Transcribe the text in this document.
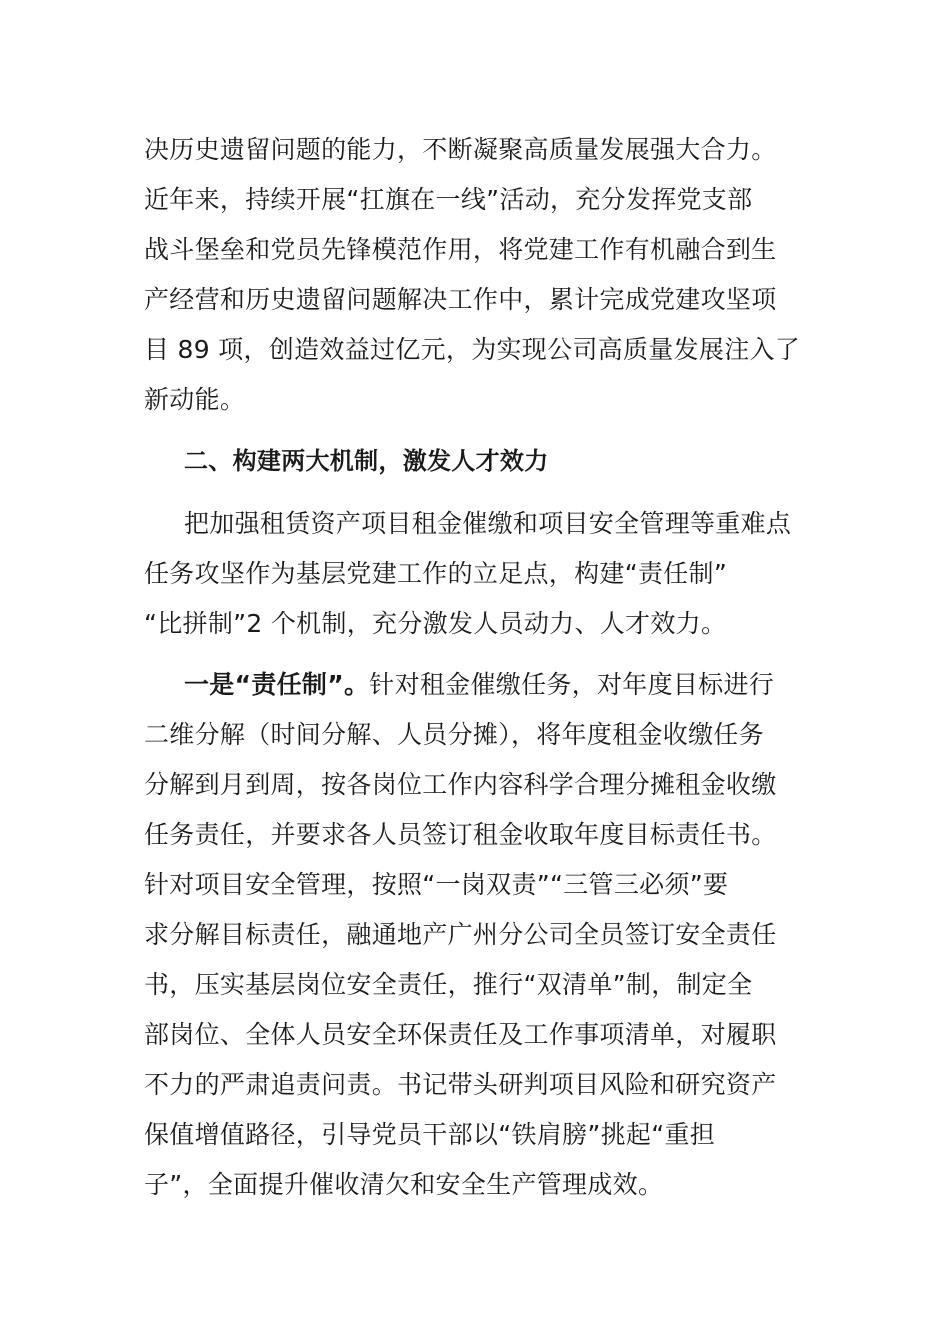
决历史遗留问题的能力，不断凝聚高质量发展强大合力。
近年来，持续开展“扛旗在一线”活动，充分发挥党支部
战斗堡垒和党员先锋模范作用，将党建工作有机融合到生
产经营和历史遗留问题解决工作中，累计完成党建攻坚项
目 89 项，创造效益过亿元，为实现公司高质量发展注入了
新动能。
二、构建两大机制，激发人才效力
把加强租赁资产项目租金催缴和项目安全管理等重难点
任务攻坚作为基层党建工作的立足点，构建“责任制”
“比拼制”2 个机制，充分激发人员动力、人才效力。
一是“责任制”。针对租金催缴任务，对年度目标进行
二维分解（时间分解、人员分摊），将年度租金收缴任务
分解到月到周，按各岗位工作内容科学合理分摊租金收缴
任务责任，并要求各人员签订租金收取年度目标责任书。
针对项目安全管理，按照“一岗双责”“三管三必须”要
求分解目标责任，融通地产广州分公司全员签订安全责任
书，压实基层岗位安全责任，推行“双清单”制，制定全
部岗位、全体人员安全环保责任及工作事项清单，对履职
不力的严肃追责问责。书记带头研判项目风险和研究资产
保值增值路径，引导党员干部以“铁肩膀”挑起“重担
子”，全面提升催收清欠和安全生产管理成效。
